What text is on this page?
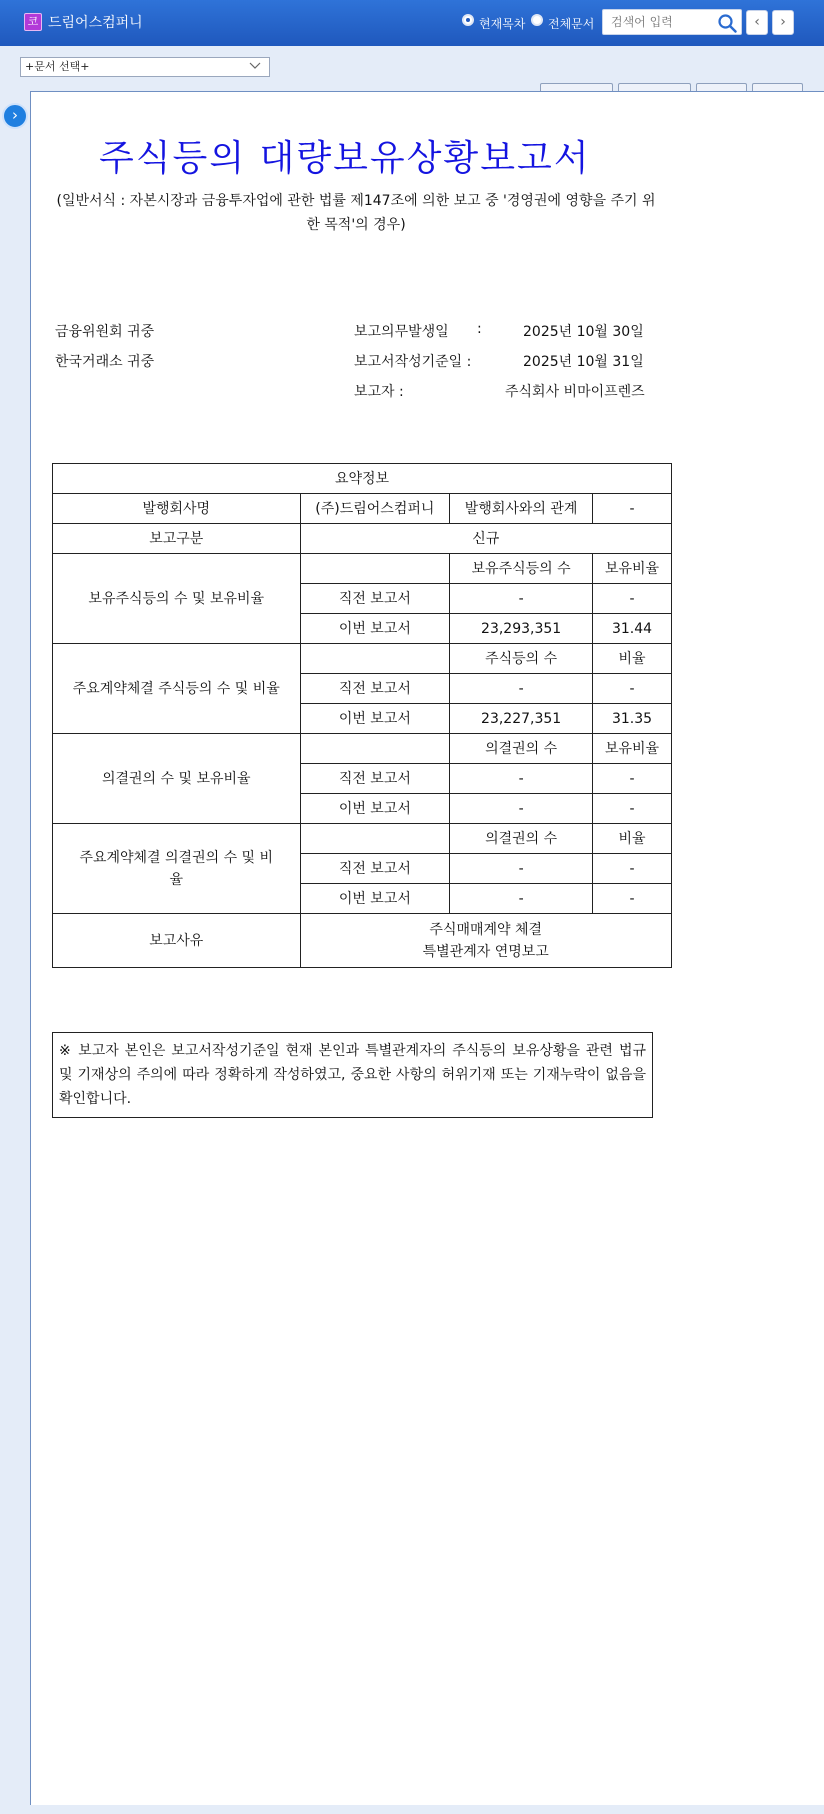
코 드림어스컴퍼니	현재목차 전체문서
검색어 입력	‹	›
+문서 선택+
›
주식등의 대량보유상황보고서
(일반서식 : 자본시장과 금융투자업에 관한 법률 제147조에 의한 보고 중 '경영권에 영향을 주기 위한 목적'의 경우)
금융위원회 귀중
한국거래소 귀중
보고의무발생일 :	2025년 10월 30일
보고서작성기준일 :	2025년 10월 31일
보고자 :	주식회사 비마이프렌즈
요약정보			
발행회사명	(주)드림어스컴퍼니	발행회사와의 관계	-
보고구분	신규		
보유주식등의 수 및 보유비율		보유주식등의 수	보유비율
	직전 보고서	-	-
	이번 보고서	23,293,351	31.44
주요계약체결 주식등의 수 및 비율		주식등의 수	비율
	직전 보고서	-	-
	이번 보고서	23,227,351	31.35
의결권의 수 및 보유비율		의결권의 수	보유비율
	직전 보고서	-	-
	이번 보고서	-	-
주요계약체결 의결권의 수 및 비율		의결권의 수	비율
	직전 보고서	-	-
	이번 보고서	-	-
보고사유	주식매매계약 체결
특별관계자 연명보고		
※ 보고자 본인은 보고서작성기준일 현재 본인과 특별관계자의 주식등의 보유상황을 관련 법규 및 기재상의 주의에 따라 정확하게 작성하였고, 중요한 사항의 허위기재 또는 기재누락이 없음을 확인합니다.
